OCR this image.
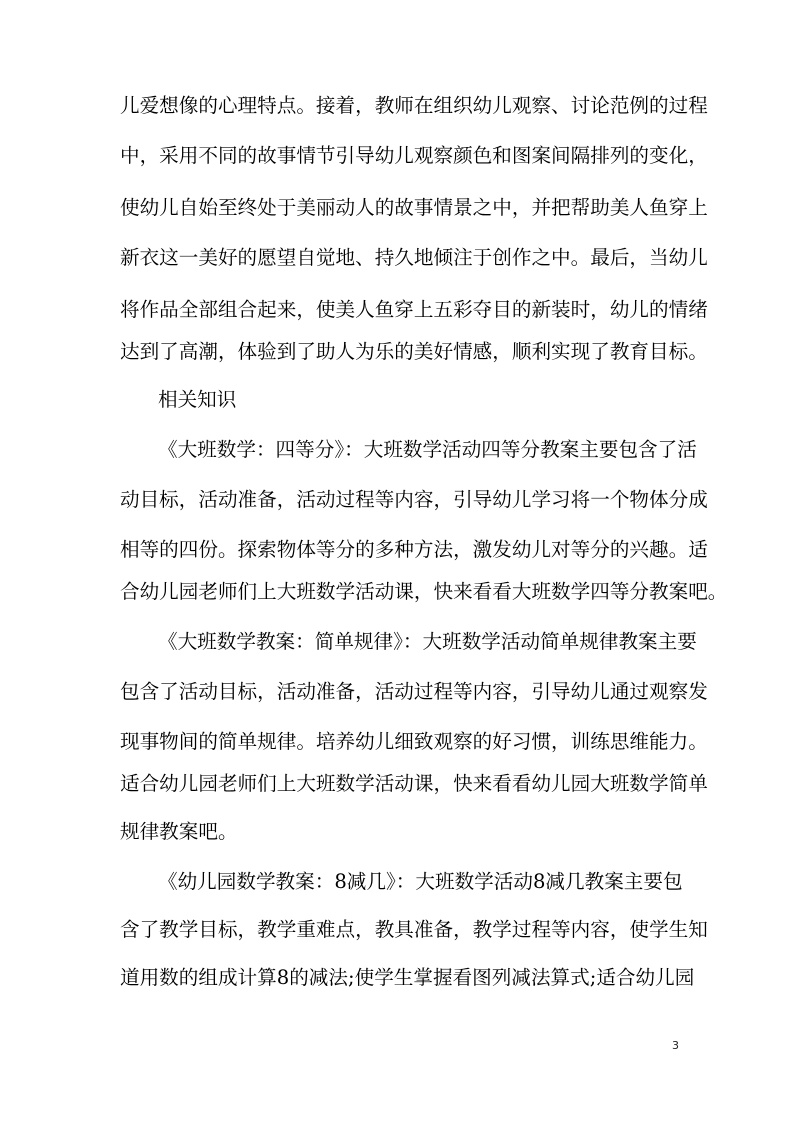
儿爱想像的心理特点。接着，教师在组织幼儿观察、讨论范例的过程
中，采用不同的故事情节引导幼儿观察颜色和图案间隔排列的变化，
使幼儿自始至终处于美丽动人的故事情景之中，并把帮助美人鱼穿上
新衣这一美好的愿望自觉地、持久地倾注于创作之中。最后，当幼儿
将作品全部组合起来，使美人鱼穿上五彩夺目的新装时，幼儿的情绪
达到了高潮，体验到了助人为乐的美好情感，顺利实现了教育目标。
相关知识
《大班数学：四等分》：大班数学活动四等分教案主要包含了活
动目标，活动准备，活动过程等内容，引导幼儿学习将一个物体分成
相等的四份。探索物体等分的多种方法，激发幼儿对等分的兴趣。适
合幼儿园老师们上大班数学活动课，快来看看大班数学四等分教案吧。
《大班数学教案：简单规律》：大班数学活动简单规律教案主要
包含了活动目标，活动准备，活动过程等内容，引导幼儿通过观察发
现事物间的简单规律。培养幼儿细致观察的好习惯，训练思维能力。
适合幼儿园老师们上大班数学活动课，快来看看幼儿园大班数学简单
规律教案吧。
《幼儿园数学教案：8减几》：大班数学活动8减几教案主要包
含了教学目标，教学重难点，教具准备，教学过程等内容，使学生知
道用数的组成计算8的减法;使学生掌握看图列减法算式;适合幼儿园
3
